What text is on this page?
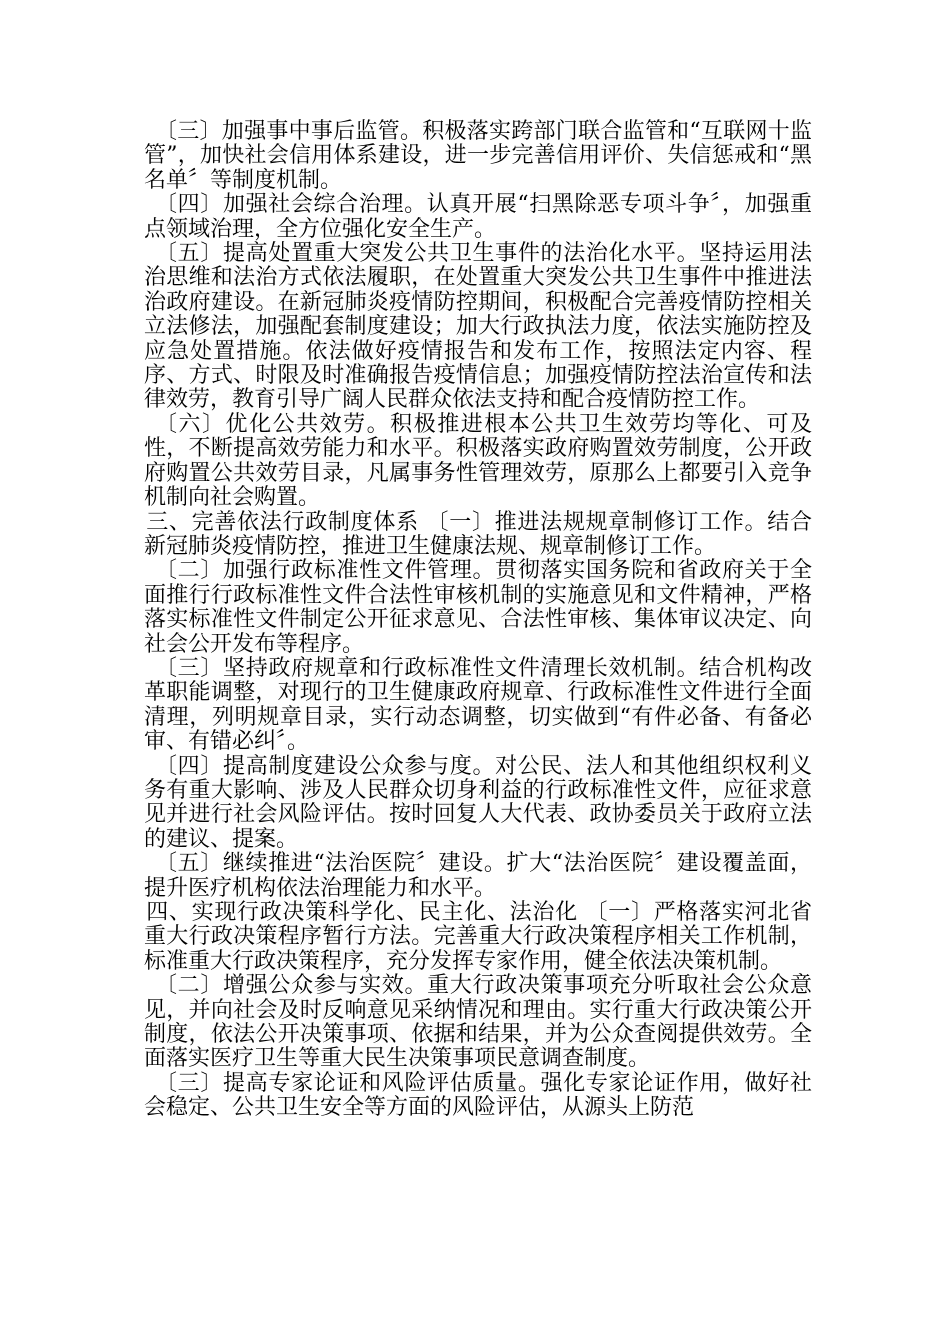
〔三〕加强事中事后监管。积极落实跨部门联合监管和“互联网十监管”，加快社会信用体系建设，进一步完善信用评价、失信惩戒和“黑名单〞等制度机制。

〔四〕加强社会综合治理。认真开展“扫黑除恶专项斗争〞，加强重点领域治理，全方位强化安全生产。

〔五〕提高处置重大突发公共卫生事件的法治化水平。坚持运用法治思维和法治方式依法履职，在处置重大突发公共卫生事件中推进法治政府建设。在新冠肺炎疫情防控期间，积极配合完善疫情防控相关立法修法，加强配套制度建设；加大行政执法力度，依法实施防控及应急处置措施。依法做好疫情报告和发布工作，按照法定内容、程序、方式、时限及时准确报告疫情信息；加强疫情防控法治宣传和法律效劳，教育引导广阔人民群众依法支持和配合疫情防控工作。

〔六〕优化公共效劳。积极推进根本公共卫生效劳均等化、可及性，不断提高效劳能力和水平。积极落实政府购置效劳制度，公开政府购置公共效劳目录，凡属事务性管理效劳，原那么上都要引入竞争机制向社会购置。

三、完善依法行政制度体系 〔一〕推进法规规章制修订工作。结合新冠肺炎疫情防控，推进卫生健康法规、规章制修订工作。

〔二〕加强行政标准性文件管理。贯彻落实国务院和省政府关于全面推行行政标准性文件合法性审核机制的实施意见和文件精神，严格落实标准性文件制定公开征求意见、合法性审核、集体审议决定、向社会公开发布等程序。

〔三〕坚持政府规章和行政标准性文件清理长效机制。结合机构改革职能调整，对现行的卫生健康政府规章、行政标准性文件进行全面清理，列明规章目录，实行动态调整，切实做到“有件必备、有备必审、有错必纠〞。

〔四〕提高制度建设公众参与度。对公民、法人和其他组织权利义务有重大影响、涉及人民群众切身利益的行政标准性文件，应征求意见并进行社会风险评估。按时回复人大代表、政协委员关于政府立法的建议、提案。

〔五〕继续推进“法治医院〞建设。扩大“法治医院〞建设覆盖面，提升医疗机构依法治理能力和水平。

四、实现行政决策科学化、民主化、法治化 〔一〕严格落实河北省重大行政决策程序暂行方法。完善重大行政决策程序相关工作机制，标准重大行政决策程序，充分发挥专家作用，健全依法决策机制。

〔二〕增强公众参与实效。重大行政决策事项充分听取社会公众意见，并向社会及时反响意见采纳情况和理由。实行重大行政决策公开制度，依法公开决策事项、依据和结果，并为公众查阅提供效劳。全面落实医疗卫生等重大民生决策事项民意调查制度。

〔三〕提高专家论证和风险评估质量。强化专家论证作用，做好社会稳定、公共卫生安全等方面的风险评估，从源头上防范
